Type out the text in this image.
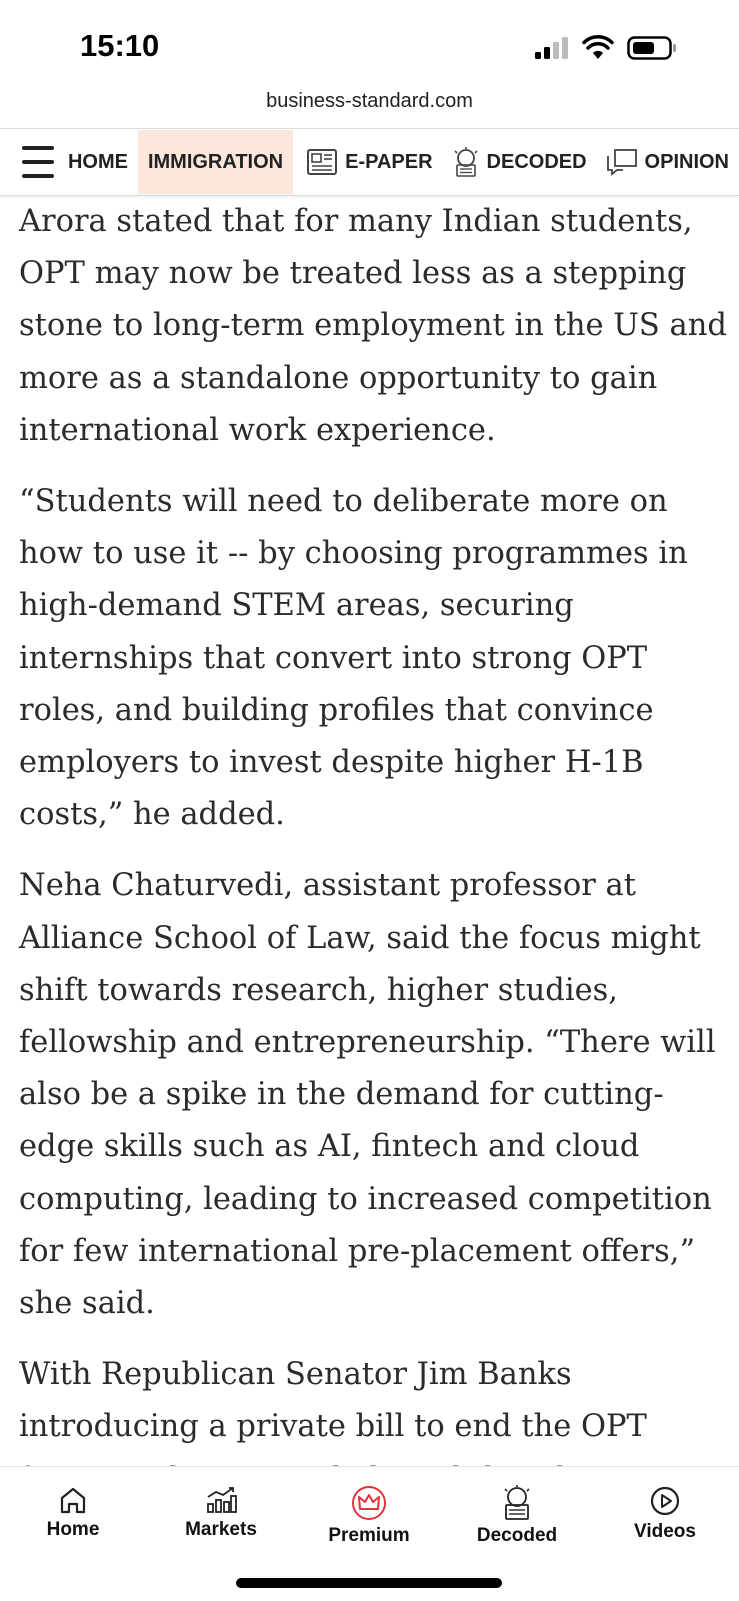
15:10
business-standard.com
HOME IMMIGRATION	E-PAPER	DECODED	OPINION

Arora stated that for many Indian students, OPT may now be treated less as a stepping stone to long-term employment in the US and more as a standalone opportunity to gain international work experience.

“Students will need to deliberate more on how to use it -- by choosing programmes in high-demand STEM areas, securing internships that convert into strong OPT roles, and building profiles that convince employers to invest despite higher H-1B costs,” he added.

Neha Chaturvedi, assistant professor at Alliance School of Law, said the focus might shift towards research, higher studies, fellowship and entrepreneurship. “There will also be a spike in the demand for cutting-edge skills such as AI, fintech and cloud computing, leading to increased competition for few international pre-placement offers,” she said.

With Republican Senator Jim Banks introducing a private bill to end the OPT

Home	Markets	Premium	Decoded	Videos
